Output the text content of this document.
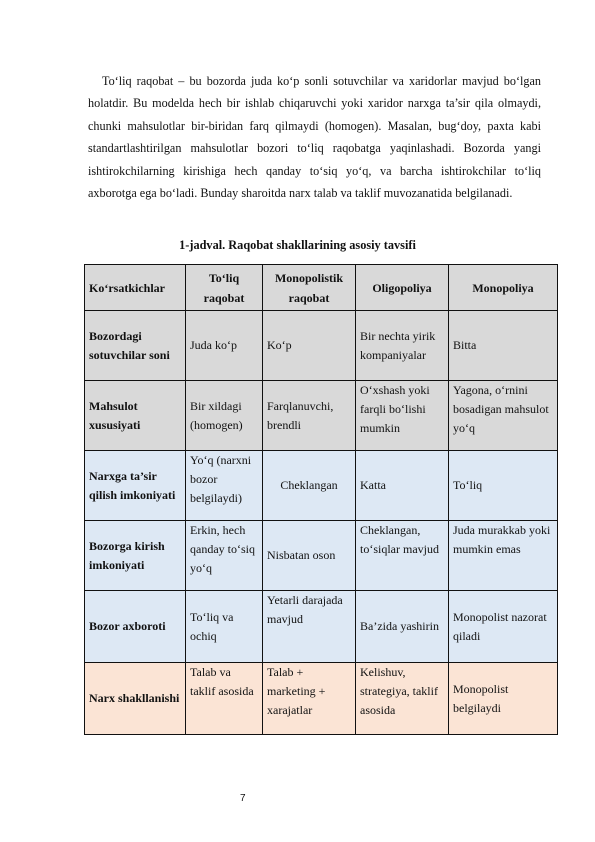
To‘liq raqobat – bu bozorda juda ko‘p sonli sotuvchilar va xaridorlar mavjud bo‘lgan holatdir. Bu modelda hech bir ishlab chiqaruvchi yoki xaridor narxga ta’sir qila olmaydi, chunki mahsulotlar bir-biridan farq qilmaydi (homogen). Masalan, bug‘doy, paxta kabi standartlashtirilgan mahsulotlar bozori to‘liq raqobatga yaqinlashadi. Bozorda yangi ishtirokchilarning kirishiga hech qanday to‘siq yo‘q, va barcha ishtirokchilar to‘liq axborotga ega bo‘ladi. Bunday sharoitda narx talab va taklif muvozanatida belgilanadi.

1-jadval. Raqobat shakllarining asosiy tavsifi
Ko‘rsatkichlar	To‘liq raqobat	Monopolistik raqobat	Oligopoliya	Monopoliya
Bozordagi sotuvchilar soni	Juda ko‘p	Ko‘p	Bir nechta yirik kompaniyalar	Bitta
Mahsulot xususiyati	Bir xildagi (homogen)	Farqlanuvchi, brendli	O‘xshash yoki farqli bo‘lishi mumkin	Yagona, o‘rnini bosadigan mahsulot yo‘q
Narxga ta’sir qilish imkoniyati	Yo‘q (narxni bozor belgilaydi)	Cheklangan	Katta	To‘liq
Bozorga kirish imkoniyati	Erkin, hech qanday to‘siq yo‘q	Nisbatan oson	Cheklangan, to‘siqlar mavjud	Juda murakkab yoki mumkin emas
Bozor axboroti	To‘liq va ochiq	Yetarli darajada mavjud	Ba’zida yashirin	Monopolist nazorat qiladi
Narx shakllanishi	Talab va taklif asosida	Talab + marketing + xarajatlar	Kelishuv, strategiya, taklif asosida	Monopolist belgilaydi
7
